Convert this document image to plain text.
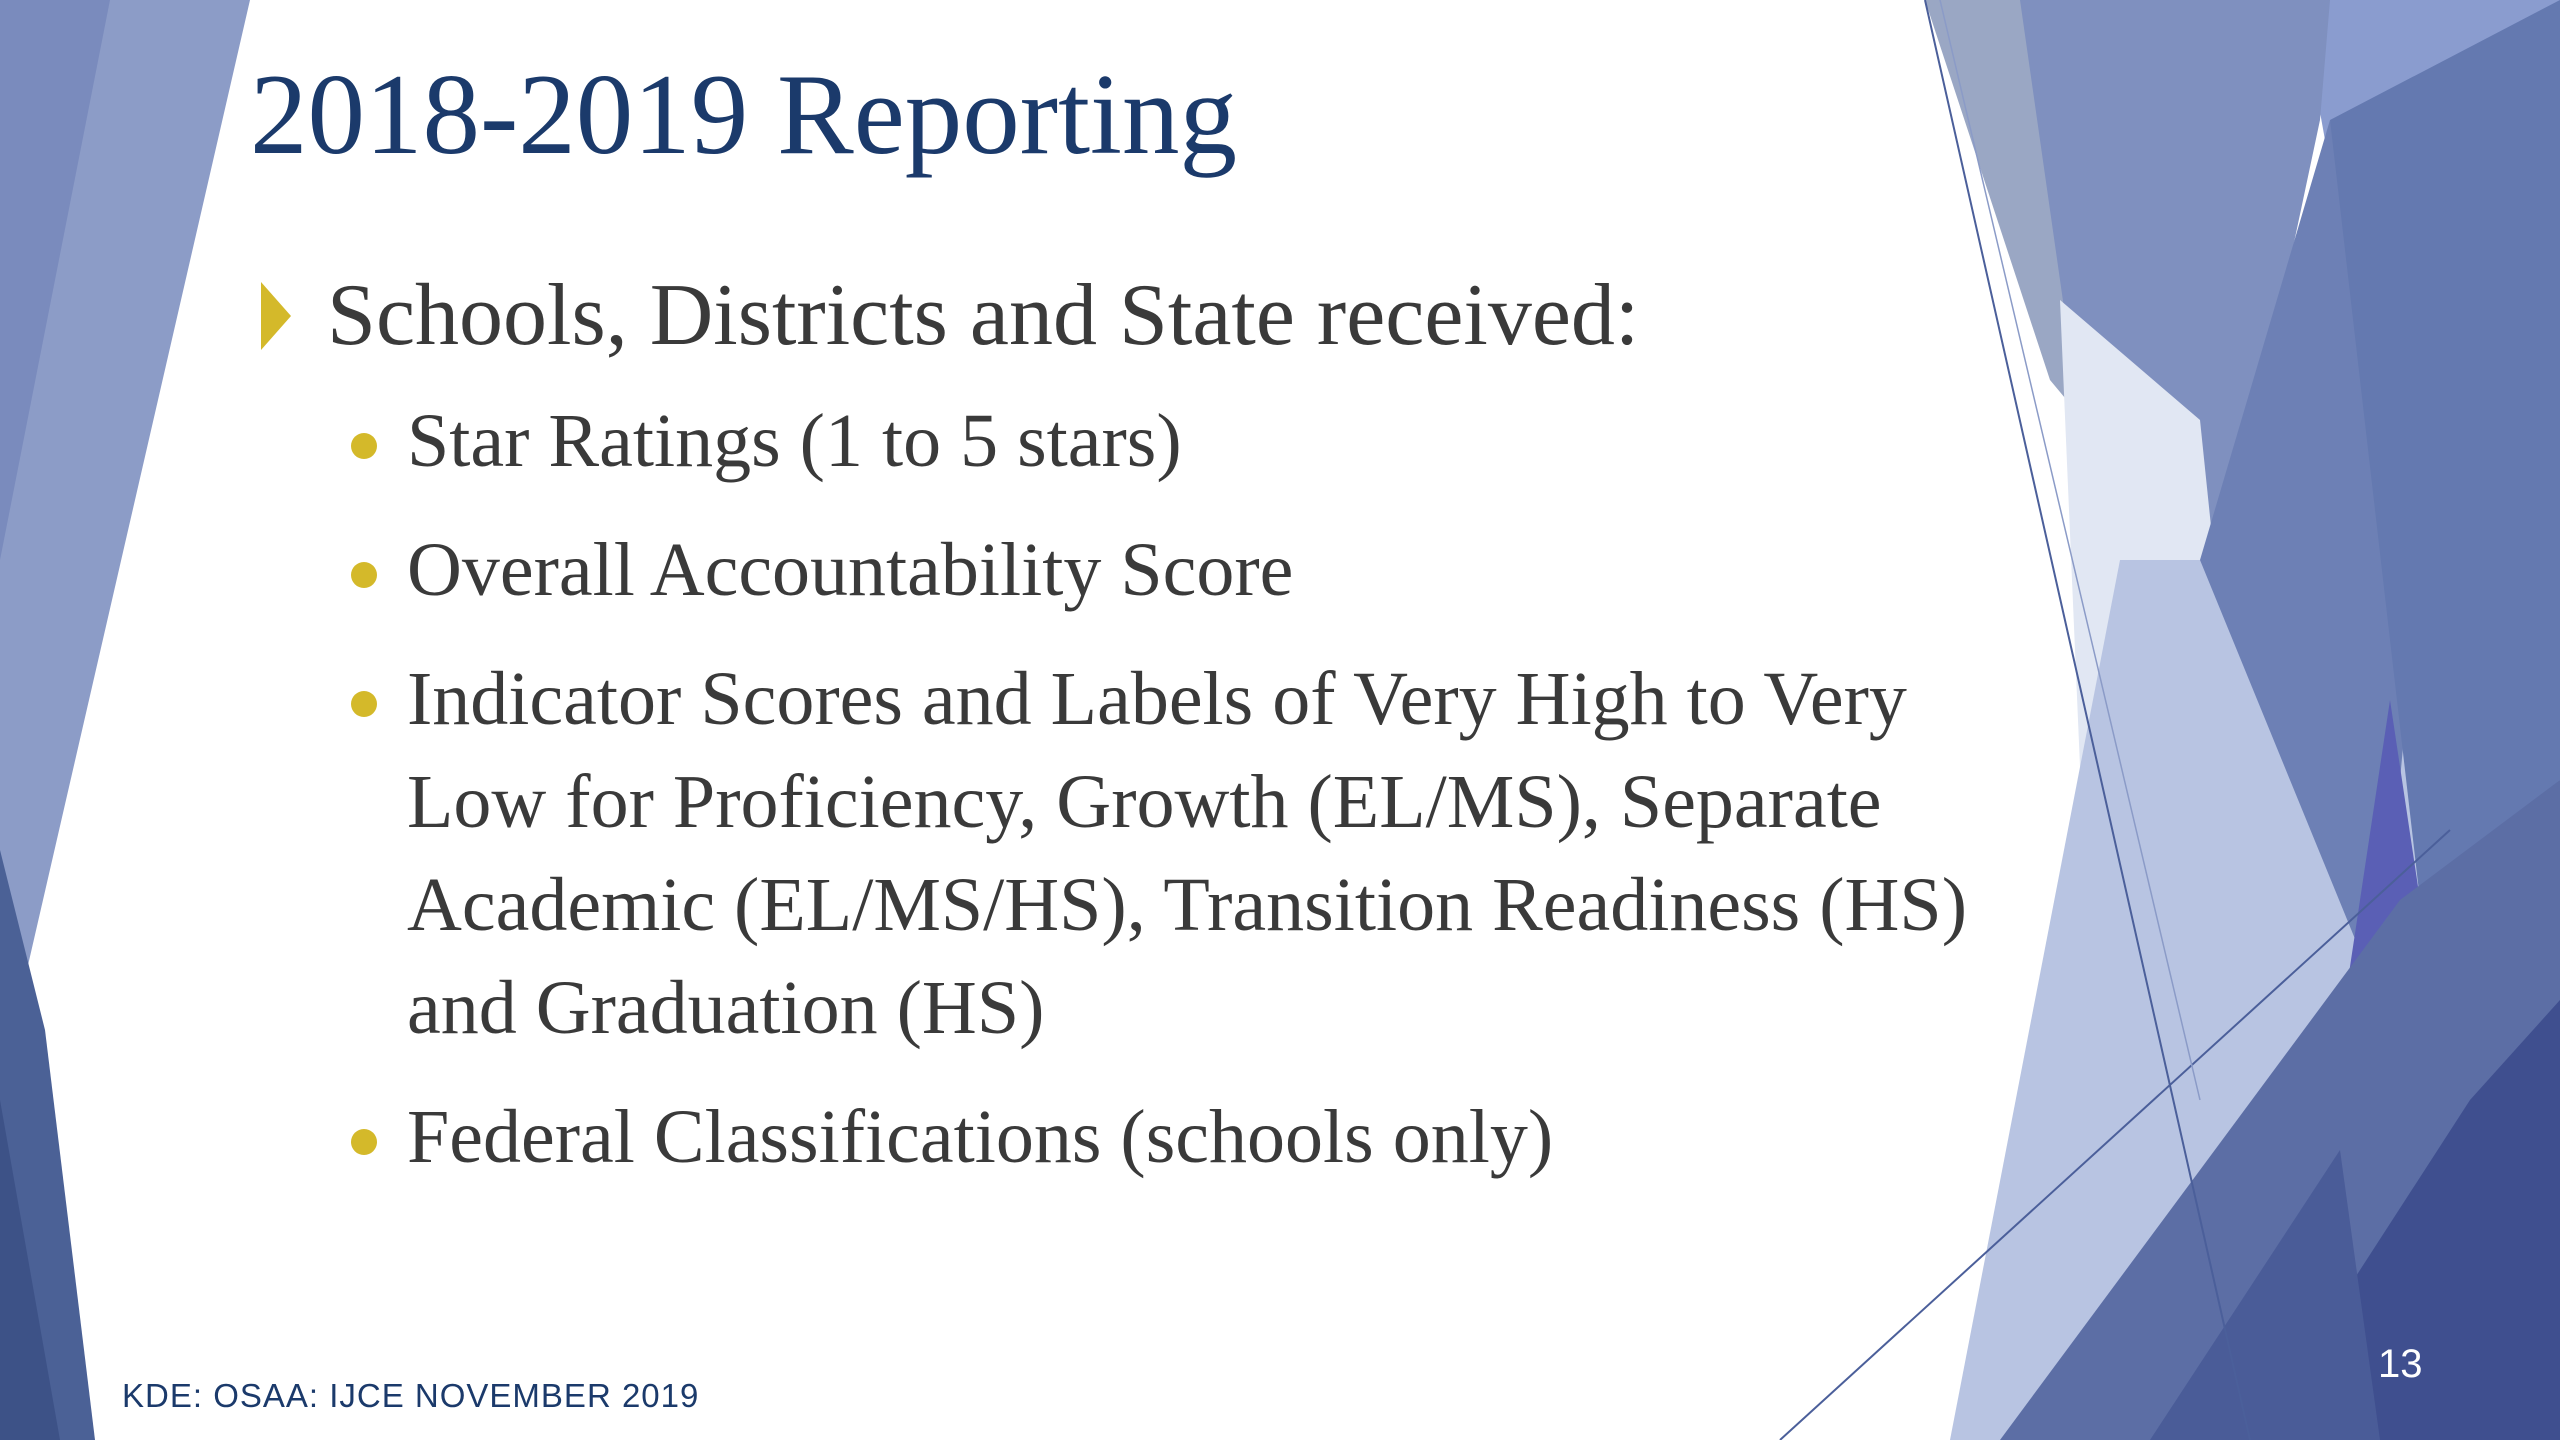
2018-2019 Reporting
Schools, Districts and State received:
Star Ratings (1 to 5 stars)
Overall Accountability Score
Indicator Scores and Labels of Very High to Very Low for Proficiency, Growth (EL/MS), Separate Academic (EL/MS/HS), Transition Readiness (HS) and Graduation (HS)
Federal Classifications (schools only)
KDE: OSAA: IJCE NOVEMBER 2019
13
